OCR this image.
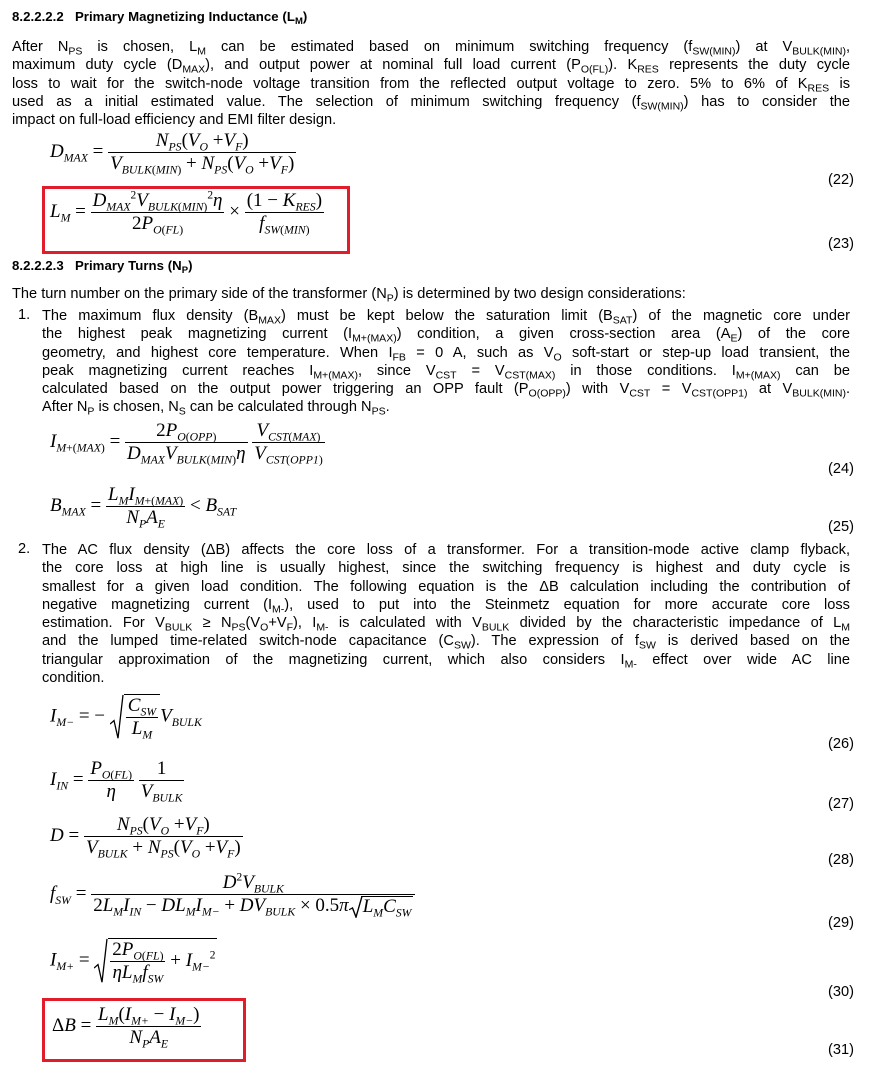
8.2.2.2.2 Primary Magnetizing Inductance $(L_M)$
After $N_{PS}$ is chosen, $L_M$ can be estimated based on minimum switching frequency $(f_{SW(MIN)})$ at $V_{BULK(MIN)}$,
maximum duty cycle $(D_{MAX})$, and output power at nominal full load current $(P_{O(FL)})$. $K_{RES}$ represents the duty cycle
loss to wait for the switch-node voltage transition from the reflected output voltage to zero. 5% to 6% of $K_{RES}$ is
used as a initial estimated value. The selection of minimum switching frequency $(f_{SW(MIN)})$ has to consider the
impact on full-load efficiency and EMI filter design.
$D_{MAX} = \frac{N_{PS}(V_O +V_F)}{V_{BULK(MIN)} + N_{PS}(V_O +V_F)}$
(22)
$L_M = \frac{D_{MAX}^2V_{BULK(MIN)}^2\eta}{2P_{O(FL)}} \times \frac{(1 - K_{RES})}{f_{SW(MIN)}}$
(23)
8.2.2.2.3 Primary Turns $(N_P)$
The turn number on the primary side of the transformer $(N_P)$ is determined by two design considerations:
1. The maximum flux density $(B_{MAX})$ must be kept below the saturation limit $(B_{SAT})$ of the magnetic core under
the highest peak magnetizing current $(I_{M+(MAX)})$ condition, a given cross-section area $(A_E)$ of the core
geometry, and highest core temperature. When $I_{FB} = 0$ A, such as $V_O$ soft-start or step-up load transient, the
peak magnetizing current reaches $I_{M+(MAX)}$, since $V_{CST} = V_{CST(MAX)}$ in those conditions. $I_{M+(MAX)}$ can be
calculated based on the output power triggering an OPP fault $(P_{O(OPP)})$ with $V_{CST} = V_{CST(OPP1)}$ at $V_{BULK(MIN)}$.
After $N_P$ is chosen, $N_S$ can be calculated through $N_{PS}$.
$I_{M+(MAX)} = \frac{2P_{O(OPP)}}{D_{MAX}V_{BULK(MIN)}\eta}$
$\frac{V_{CST(MAX)}}{V_{CST(OPP1)}}$
(24)
$B_{MAX} = \frac{L_MI_{M+(MAX)}}{N_PA_E} < B_{SAT}$
(25)
2. The AC flux density (ΔB) affects the core loss of a transformer. For a transition-mode active clamp flyback,
the core loss at high line is usually highest, since the switching frequency is highest and duty cycle is
smallest for a given load condition. The following equation is the ΔB calculation including the contribution of
negative magnetizing current $(I_{M-})$, used to put into the Steinmetz equation for more accurate core loss
estimation. For $V_{BULK} \ge N_{PS}(V_O+V_F)$, $I_{M-}$ is calculated with $V_{BULK}$ divided by the characteristic impedance of $L_M$
and the lumped time-related switch-node capacitance $(C_{SW})$. The expression of $f_{SW}$ is derived based on the
triangular approximation of the magnetizing current, which also considers $I_{M-}$ effect over wide AC line
condition.
$I_{M-}$ = − $\frac{C_{SW}}{L_M} V_{BULK}$
(26)
$I_{IN} = \frac{P_{O(FL)}}{\eta}$
$\frac{1}{V_{BULK}}$
(27)
$D = \frac{N_{PS}(V_O +V_F)}{V_{BULK} + N_{PS}(V_O +V_F)}$
(28)
$f_{SW} = \frac{D^2V_{BULK}}{2L_MI_{IN} - DL_MI_{M-} + DV_{BULK} \times 0.5\pi L_MC_{SW}}$
(29)
$I_{M+} = \frac{2P_{O(FL)}}{\eta L_Mf_{SW}} + I_{M-}^2$
(30)
$\Delta B = \frac{L_M(I_{M+} - I_{M-})}{N_PA_E}$
(31)
